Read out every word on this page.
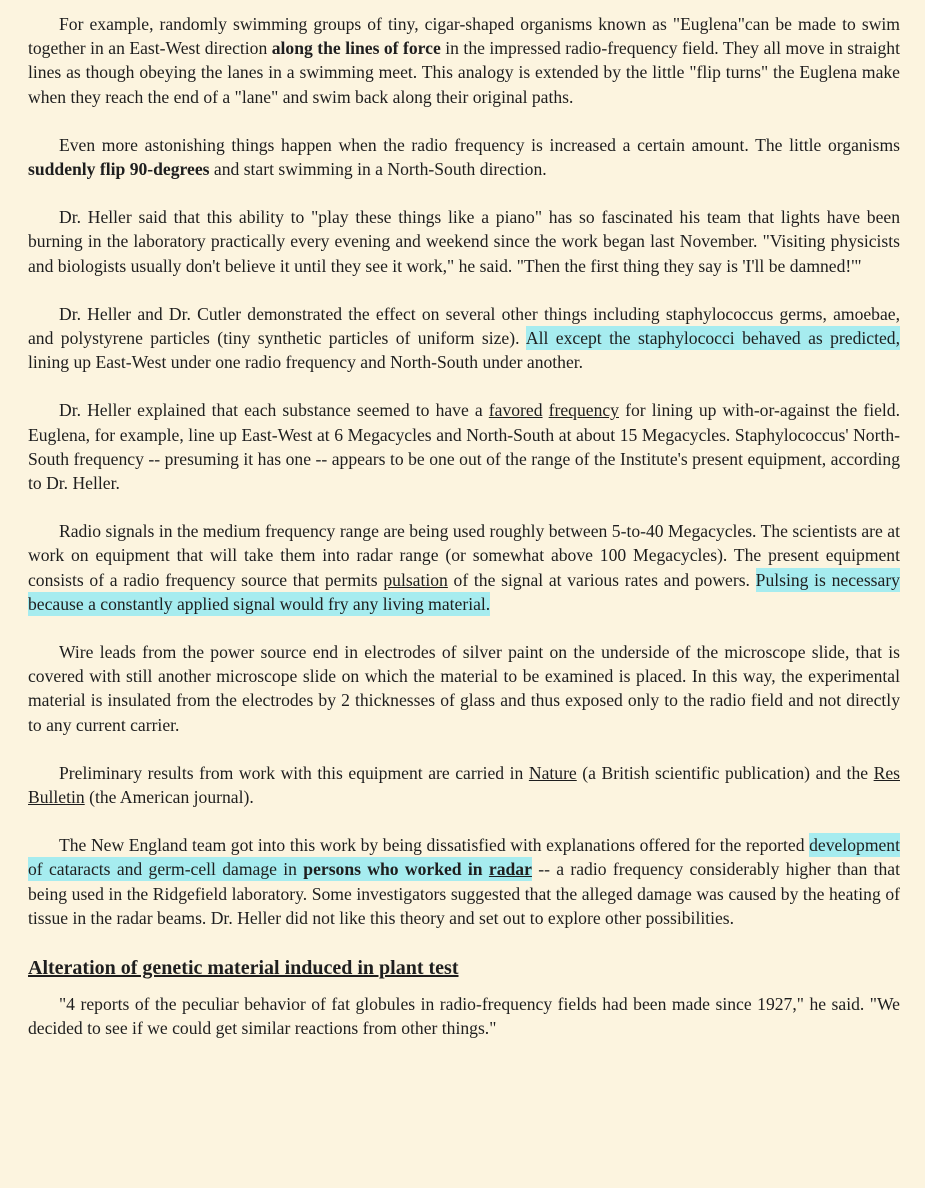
For example, randomly swimming groups of tiny, cigar-shaped organisms known as "Euglena"can be made to swim together in an East-West direction along the lines of force in the impressed radio-frequency field. They all move in straight lines as though obeying the lanes in a swimming meet. This analogy is extended by the little "flip turns" the Euglena make when they reach the end of a "lane" and swim back along their original paths.

Even more astonishing things happen when the radio frequency is increased a certain amount. The little organisms suddenly flip 90-degrees and start swimming in a North-South direction.

Dr. Heller said that this ability to "play these things like a piano" has so fascinated his team that lights have been burning in the laboratory practically every evening and weekend since the work began last November. "Visiting physicists and biologists usually don't believe it until they see it work," he said. "Then the first thing they say is 'I'll be damned!'"

Dr. Heller and Dr. Cutler demonstrated the effect on several other things including staphylococcus germs, amoebae, and polystyrene particles (tiny synthetic particles of uniform size). All except the staphylococci behaved as predicted, lining up East-West under one radio frequency and North-South under another.

Dr. Heller explained that each substance seemed to have a favored frequency for lining up with-or-against the field. Euglena, for example, line up East-West at 6 Megacycles and North-South at about 15 Megacycles. Staphylococcus' North-South frequency -- presuming it has one -- appears to be one out of the range of the Institute's present equipment, according to Dr. Heller.

Radio signals in the medium frequency range are being used roughly between 5-to-40 Megacycles. The scientists are at work on equipment that will take them into radar range (or somewhat above 100 Megacycles). The present equipment consists of a radio frequency source that permits pulsation of the signal at various rates and powers. Pulsing is necessary because a constantly applied signal would fry any living material.

Wire leads from the power source end in electrodes of silver paint on the underside of the microscope slide, that is covered with still another microscope slide on which the material to be examined is placed. In this way, the experimental material is insulated from the electrodes by 2 thicknesses of glass and thus exposed only to the radio field and not directly to any current carrier.

Preliminary results from work with this equipment are carried in Nature (a British scientific publication) and the Res Bulletin (the American journal).

The New England team got into this work by being dissatisfied with explanations offered for the reported development of cataracts and germ-cell damage in persons who worked in radar -- a radio frequency considerably higher than that being used in the Ridgefield laboratory. Some investigators suggested that the alleged damage was caused by the heating of tissue in the radar beams. Dr. Heller did not like this theory and set out to explore other possibilities.

Alteration of genetic material induced in plant test

"4 reports of the peculiar behavior of fat globules in radio-frequency fields had been made since 1927," he said. "We decided to see if we could get similar reactions from other things."
